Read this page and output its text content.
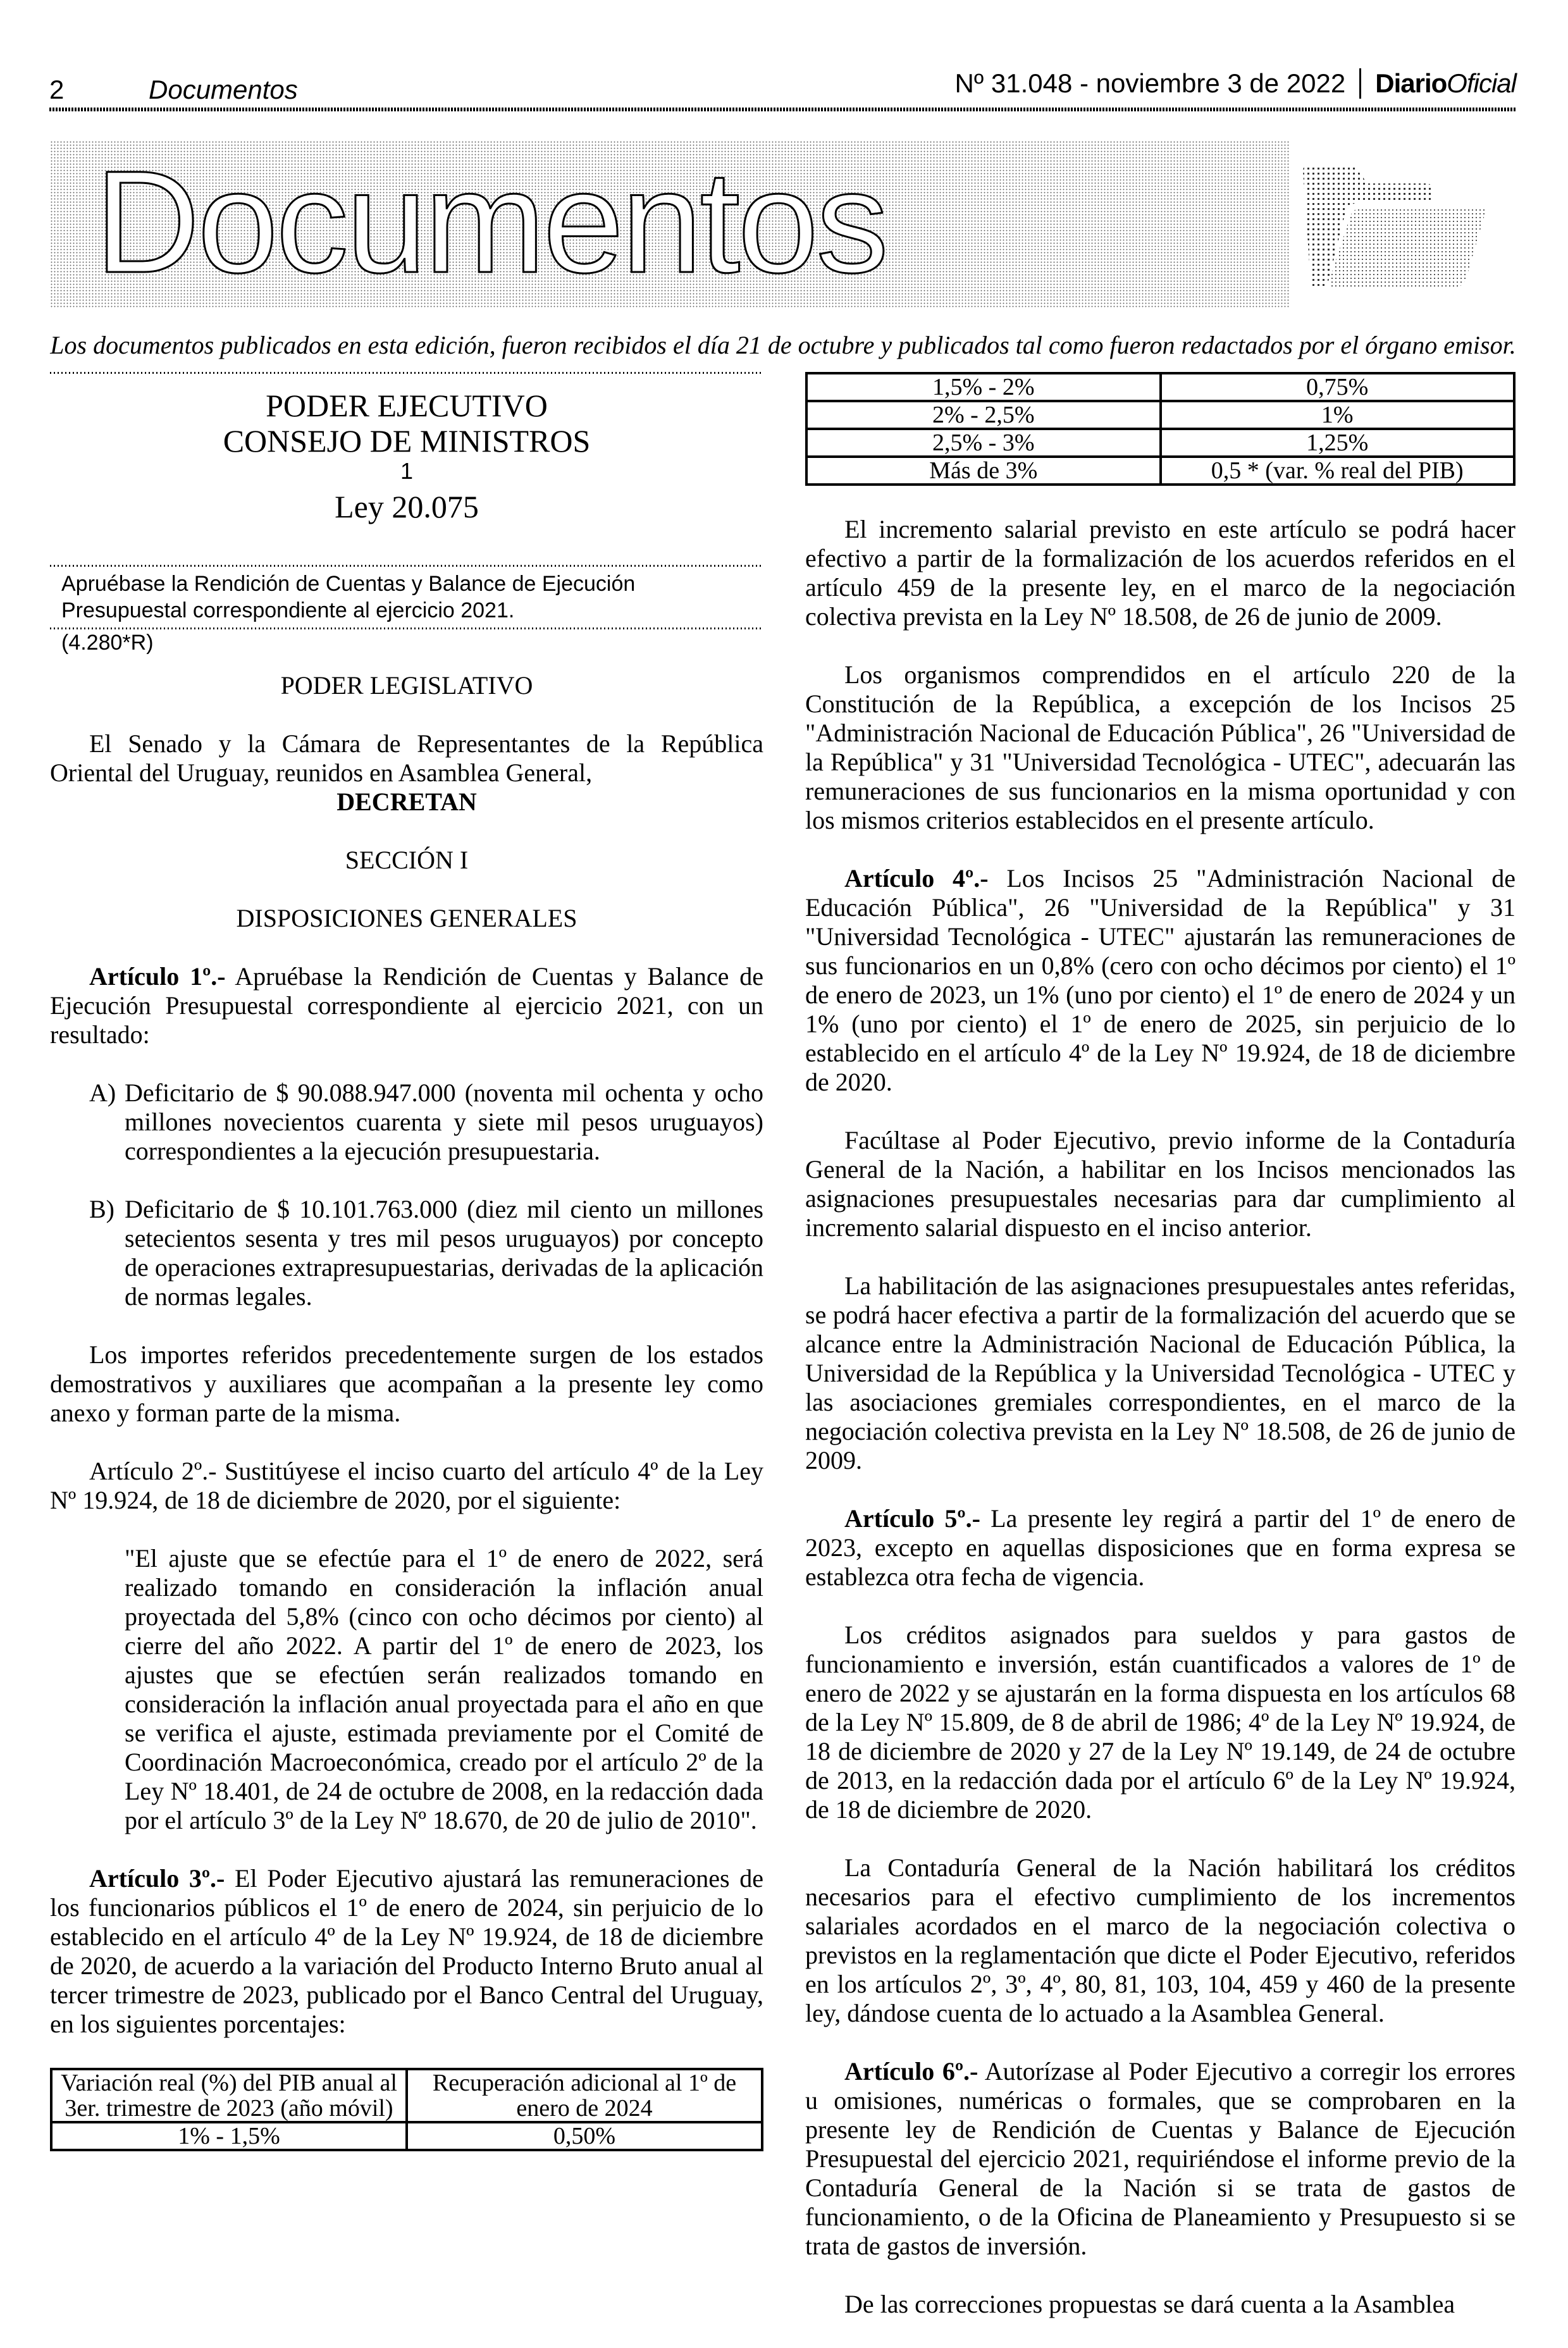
2	Documentos	Nº 31.048 - noviembre 3 de 2022 Diario Oficial
Documentos
Los documentos publicados en esta edición, fueron recibidos el día 21 de octubre y publicados tal como fueron redactados por el órgano emisor.
PODER EJECUTIVO
CONSEJO DE MINISTROS
1
Ley 20.075
Apruébase la Rendición de Cuentas y Balance de Ejecución Presupuestal correspondiente al ejercicio 2021.
(4.280*R)
PODER LEGISLATIVO
El Senado y la Cámara de Representantes de la República Oriental del Uruguay, reunidos en Asamblea General,
DECRETAN
SECCIÓN I
DISPOSICIONES GENERALES
Artículo 1º.- Apruébase la Rendición de Cuentas y Balance de Ejecución Presupuestal correspondiente al ejercicio 2021, con un resultado:
A) Deficitario de $ 90.088.947.000 (noventa mil ochenta y ocho millones novecientos cuarenta y siete mil pesos uruguayos) correspondientes a la ejecución presupuestaria.
B) Deficitario de $ 10.101.763.000 (diez mil ciento un millones setecientos sesenta y tres mil pesos uruguayos) por concepto de operaciones extrapresupuestarias, derivadas de la aplicación de normas legales.
Los importes referidos precedentemente surgen de los estados demostrativos y auxiliares que acompañan a la presente ley como anexo y forman parte de la misma.
Artículo 2º.- Sustitúyese el inciso cuarto del artículo 4º de la Ley Nº 19.924, de 18 de diciembre de 2020, por el siguiente:
"El ajuste que se efectúe para el 1º de enero de 2022, será realizado tomando en consideración la inflación anual proyectada del 5,8% (cinco con ocho décimos por ciento) al cierre del año 2022. A partir del 1º de enero de 2023, los ajustes que se efectúen serán realizados tomando en consideración la inflación anual proyectada para el año en que se verifica el ajuste, estimada previamente por el Comité de Coordinación Macroeconómica, creado por el artículo 2º de la Ley Nº 18.401, de 24 de octubre de 2008, en la redacción dada por el artículo 3º de la Ley Nº 18.670, de 20 de julio de 2010".
Artículo 3º.- El Poder Ejecutivo ajustará las remuneraciones de los funcionarios públicos el 1º de enero de 2024, sin perjuicio de lo establecido en el artículo 4º de la Ley Nº 19.924, de 18 de diciembre de 2020, de acuerdo a la variación del Producto Interno Bruto anual al tercer trimestre de 2023, publicado por el Banco Central del Uruguay, en los siguientes porcentajes:
Variación real (%) del PIB anual al 3er. trimestre de 2023 (año móvil)	Recuperación adicional al 1º de enero de 2024
1% - 1,5%	0,50%
1,5% - 2%	0,75%
2% - 2,5%	1%
2,5% - 3%	1,25%
Más de 3%	0,5 * (var. % real del PIB)
El incremento salarial previsto en este artículo se podrá hacer efectivo a partir de la formalización de los acuerdos referidos en el artículo 459 de la presente ley, en el marco de la negociación colectiva prevista en la Ley Nº 18.508, de 26 de junio de 2009.
Los organismos comprendidos en el artículo 220 de la Constitución de la República, a excepción de los Incisos 25 "Administración Nacional de Educación Pública", 26 "Universidad de la República" y 31 "Universidad Tecnológica - UTEC", adecuarán las remuneraciones de sus funcionarios en la misma oportunidad y con los mismos criterios establecidos en el presente artículo.
Artículo 4º.- Los Incisos 25 "Administración Nacional de Educación Pública", 26 "Universidad de la República" y 31 "Universidad Tecnológica - UTEC" ajustarán las remuneraciones de sus funcionarios en un 0,8% (cero con ocho décimos por ciento) el 1º de enero de 2023, un 1% (uno por ciento) el 1º de enero de 2024 y un 1% (uno por ciento) el 1º de enero de 2025, sin perjuicio de lo establecido en el artículo 4º de la Ley Nº 19.924, de 18 de diciembre de 2020.
Facúltase al Poder Ejecutivo, previo informe de la Contaduría General de la Nación, a habilitar en los Incisos mencionados las asignaciones presupuestales necesarias para dar cumplimiento al incremento salarial dispuesto en el inciso anterior.
La habilitación de las asignaciones presupuestales antes referidas, se podrá hacer efectiva a partir de la formalización del acuerdo que se alcance entre la Administración Nacional de Educación Pública, la Universidad de la República y la Universidad Tecnológica - UTEC y las asociaciones gremiales correspondientes, en el marco de la negociación colectiva prevista en la Ley Nº 18.508, de 26 de junio de 2009.
Artículo 5º.- La presente ley regirá a partir del 1º de enero de 2023, excepto en aquellas disposiciones que en forma expresa se establezca otra fecha de vigencia.
Los créditos asignados para sueldos y para gastos de funcionamiento e inversión, están cuantificados a valores de 1º de enero de 2022 y se ajustarán en la forma dispuesta en los artículos 68 de la Ley Nº 15.809, de 8 de abril de 1986; 4º de la Ley Nº 19.924, de 18 de diciembre de 2020 y 27 de la Ley Nº 19.149, de 24 de octubre de 2013, en la redacción dada por el artículo 6º de la Ley Nº 19.924, de 18 de diciembre de 2020.
La Contaduría General de la Nación habilitará los créditos necesarios para el efectivo cumplimiento de los incrementos salariales acordados en el marco de la negociación colectiva o previstos en la reglamentación que dicte el Poder Ejecutivo, referidos en los artículos 2º, 3º, 4º, 80, 81, 103, 104, 459 y 460 de la presente ley, dándose cuenta de lo actuado a la Asamblea General.
Artículo 6º.- Autorízase al Poder Ejecutivo a corregir los errores u omisiones, numéricas o formales, que se comprobaren en la presente ley de Rendición de Cuentas y Balance de Ejecución Presupuestal del ejercicio 2021, requiriéndose el informe previo de la Contaduría General de la Nación si se trata de gastos de funcionamiento, o de la Oficina de Planeamiento y Presupuesto si se trata de gastos de inversión.
De las correcciones propuestas se dará cuenta a la Asamblea
